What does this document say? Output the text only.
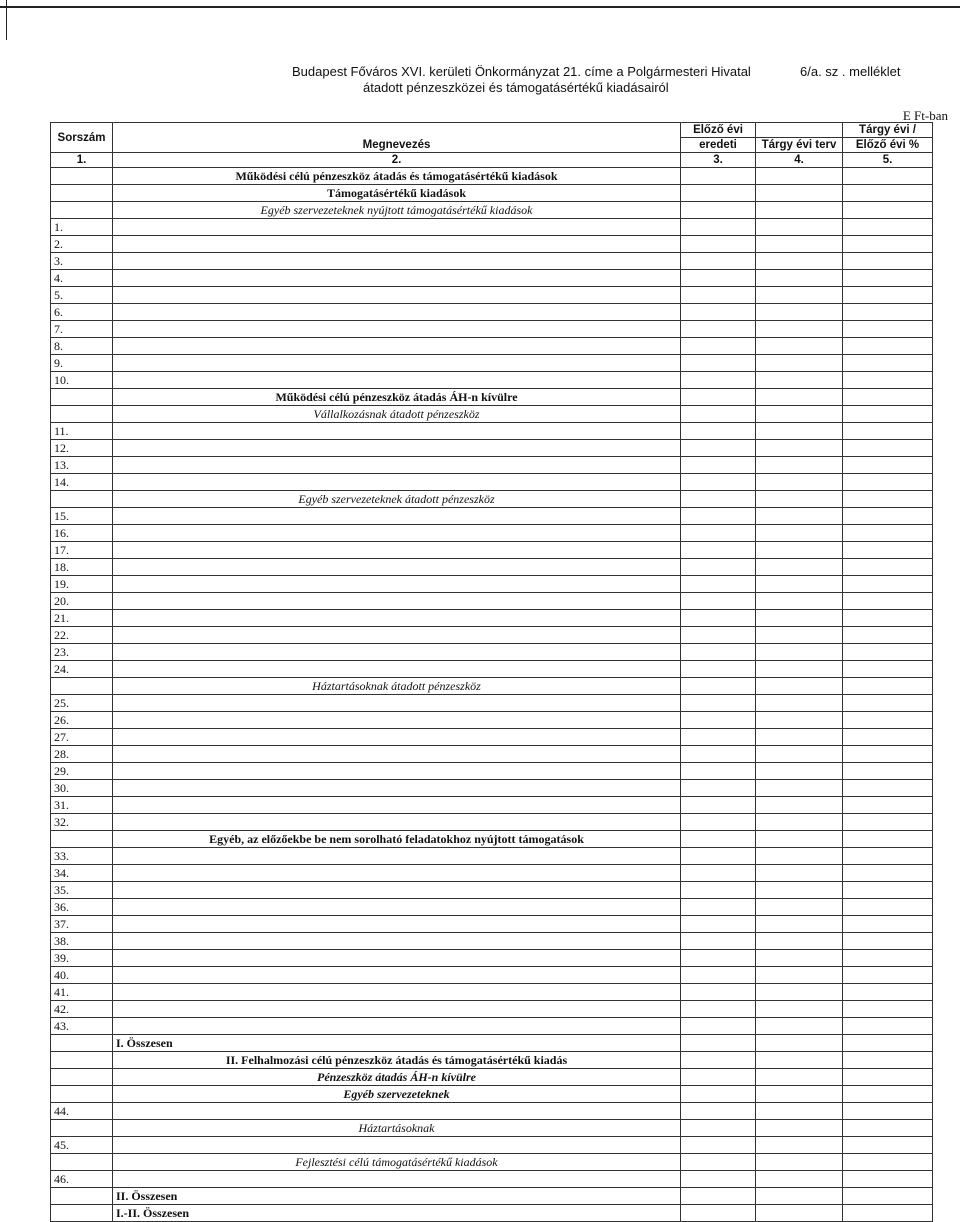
Budapest Főváros XVI. kerületi Önkormányzat 21. címe a Polgármesteri Hivatal
átadott pénzeszközei és támogatásértékű kiadásairól
6/a. sz . melléklet
E Ft-ban
Sorszám	Megnevezés	Előző évi		Tárgy évi /
		eredeti	Tárgy évi terv	Előző évi %
1.	2.	3.	4.	5.
	Működési célú pénzeszköz átadás és támogatásértékű kiadások			
	Támogatásértékű kiadások			
	Egyéb szervezeteknek nyújtott támogatásértékű kiadások			
1.				
2.				
3.				
4.				
5.				
6.				
7.				
8.				
9.				
10.				
	Működési célú pénzeszköz átadás ÁH-n kívülre			
	Vállalkozásnak átadott pénzeszköz			
11.				
12.				
13.				
14.				
	Egyéb szervezeteknek átadott pénzeszköz			
15.				
16.				
17.				
18.				
19.				
20.				
21.				
22.				
23.				
24.				
	Háztartásoknak átadott pénzeszköz			
25.				
26.				
27.				
28.				
29.				
30.				
31.				
32.				
	Egyéb, az előzőekbe be nem sorolható feladatokhoz nyújtott támogatások			
33.				
34.				
35.				
36.				
37.				
38.				
39.				
40.				
41.				
42.				
43.				
	I. Összesen			
	II. Felhalmozási célú pénzeszköz átadás és támogatásértékű kiadás			
	Pénzeszköz átadás ÁH-n kívülre			
	Egyéb szervezeteknek			
44.				
	Háztartásoknak			
45.				
	Fejlesztési célú támogatásértékű kiadások			
46.				
	II. Összesen			
	I.-II. Összesen			
